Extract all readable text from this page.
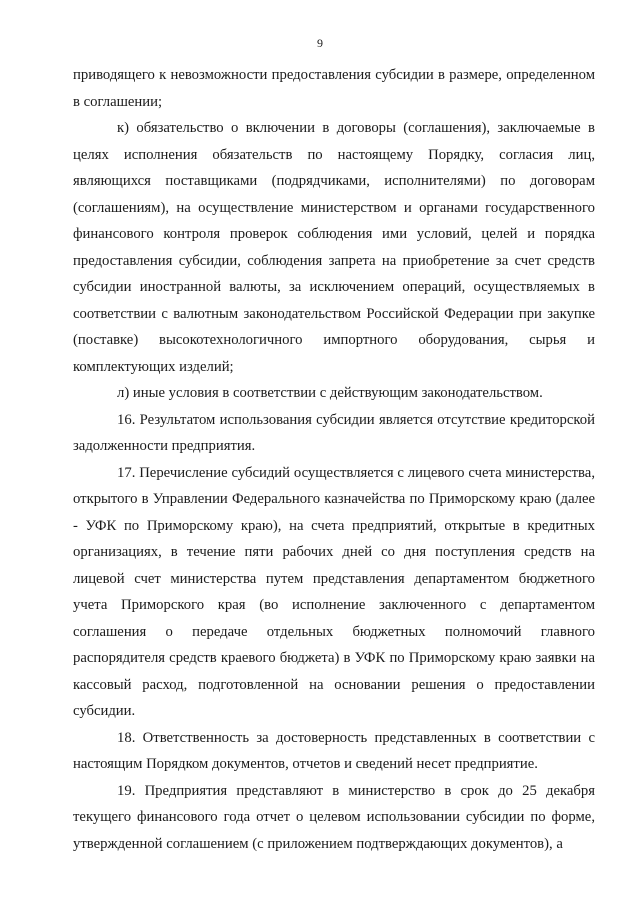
9

приводящего к невозможности предоставления субсидии в размере, определенном в соглашении;

к) обязательство о включении в договоры (соглашения), заключаемые в целях исполнения обязательств по настоящему Порядку, согласия лиц, являющихся поставщиками (подрядчиками, исполнителями) по договорам (соглашениям), на осуществление министерством и органами государственного финансового контроля проверок соблюдения ими условий, целей и порядка предоставления субсидии, соблюдения запрета на приобретение за счет средств субсидии иностранной валюты, за исключением операций, осуществляемых в соответствии с валютным законодательством Российской Федерации при закупке (поставке) высокотехнологичного импортного оборудования, сырья и комплектующих изделий;

л) иные условия в соответствии с действующим законодательством.

16. Результатом использования субсидии является отсутствие кредиторской задолженности предприятия.

17. Перечисление субсидий осуществляется с лицевого счета министерства, открытого в Управлении Федерального казначейства по Приморскому краю (далее - УФК по Приморскому краю), на счета предприятий, открытые в кредитных организациях, в течение пяти рабочих дней со дня поступления средств на лицевой счет министерства путем представления департаментом бюджетного учета Приморского края (во исполнение заключенного с департаментом соглашения о передаче отдельных бюджетных полномочий главного распорядителя средств краевого бюджета) в УФК по Приморскому краю заявки на кассовый расход, подготовленной на основании решения о предоставлении субсидии.

18. Ответственность за достоверность представленных в соответствии с настоящим Порядком документов, отчетов и сведений несет предприятие.

19. Предприятия представляют в министерство в срок до 25 декабря текущего финансового года отчет о целевом использовании субсидии по форме, утвержденной соглашением (с приложением подтверждающих документов), а
